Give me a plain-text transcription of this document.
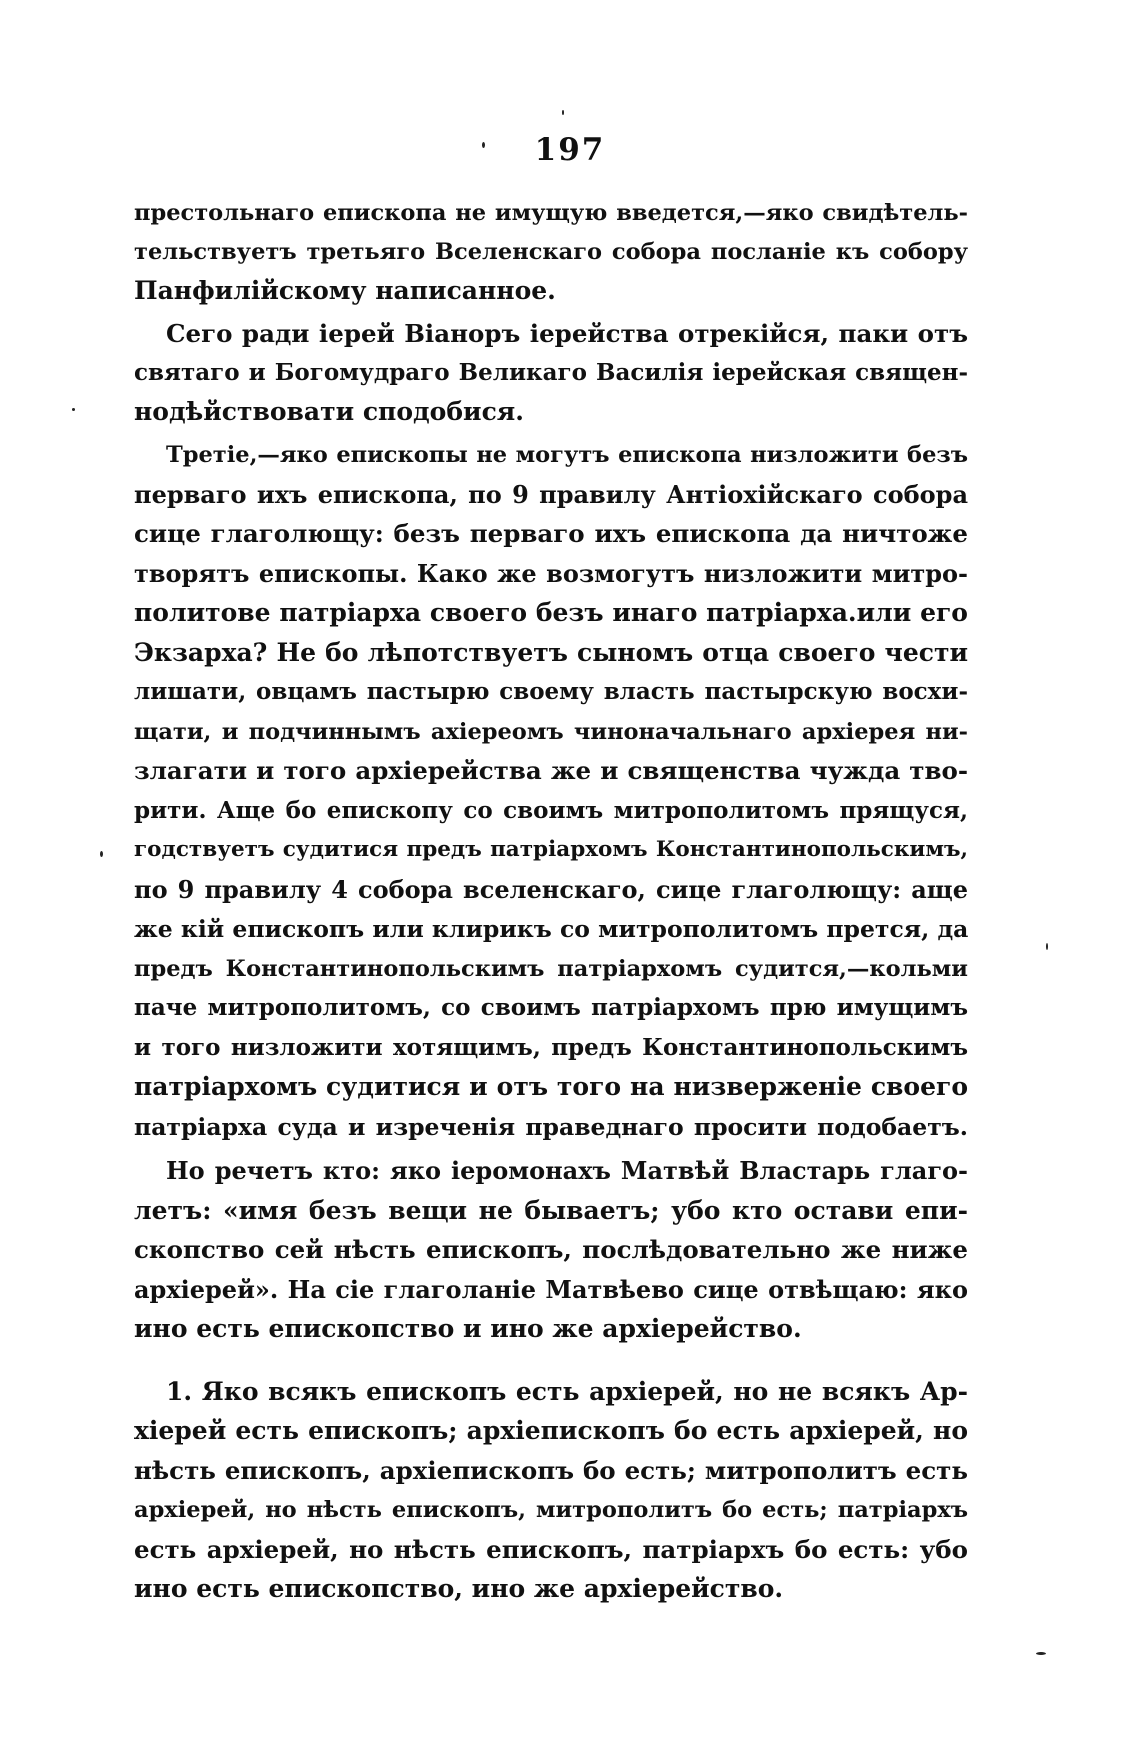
197
престольнаго епископа не имущую введется,—яко свидѣтель-
тельствуетъ третьяго Вселенскаго собора посланіе къ собору
Панфилійскому написанное.
Сего ради іерей Віанoръ іерейства отрекійся, паки отъ
святаго и Богомудраго Великаго Василія іерейская священ-
нодѣйствовати сподобися.
Третіе,—яко епископы не могутъ епископа низложити безъ
перваго ихъ епископа, по 9 правилу Антіохійскаго собора
сице глаголющу: безъ перваго ихъ епископа да ничтоже
творятъ епископы. Како же возмогутъ низложити митро-
политове патріарха своего безъ инаго патріарха.или его
Экзарха? Не бо лѣпотствуетъ сыномъ отца своего чести
лишати, овцамъ пастырю своему власть пастырскую восхи-
щати, и подчиннымъ ахіереомъ чиноначальнаго архіерея ни-
злагати и того архіерейства же и священства чужда тво-
рити. Аще бо епископу со своимъ митрополитомъ прящуся,
годствуетъ судитися предъ патріархомъ Константинопольскимъ,
по 9 правилу 4 собора вселенскаго, сице глаголющу: аще
же кій епископъ или клирикъ со митрополитомъ прется, да
предъ Константинопольскимъ патріархомъ судится,—кольми
паче митрополитомъ, со своимъ патріархомъ прю имущимъ
и того низложити хотящимъ, предъ Константинопольскимъ
патріархомъ судитися и отъ того на низверженіе своего
патріарха суда и изреченія праведнаго просити подобаетъ.
Но речетъ кто: яко іеромонахъ Матвѣй Властарь глаго-
летъ: «имя безъ вещи не бываетъ; убо кто остави епи-
скопство сей нѣсть епископъ, послѣдовательно же ниже
архіерей». На сіе глаголаніе Матвѣево сице отвѣщаю: яко
ино есть епископство и ино же архіерейство.
1. Яко всякъ епископъ есть архіерей, но не всякъ Ар-
хіерей есть епископъ; архіепископъ бо есть архіерей, но
нѣсть епископъ, архіепископъ бо есть; митрополитъ есть
архіерей, но нѣсть епископъ, митрополитъ бо есть; патріархъ
есть архіерей, но нѣсть епископъ, патріархъ бо есть: убо
ино есть епископство, ино же архіерейство.
